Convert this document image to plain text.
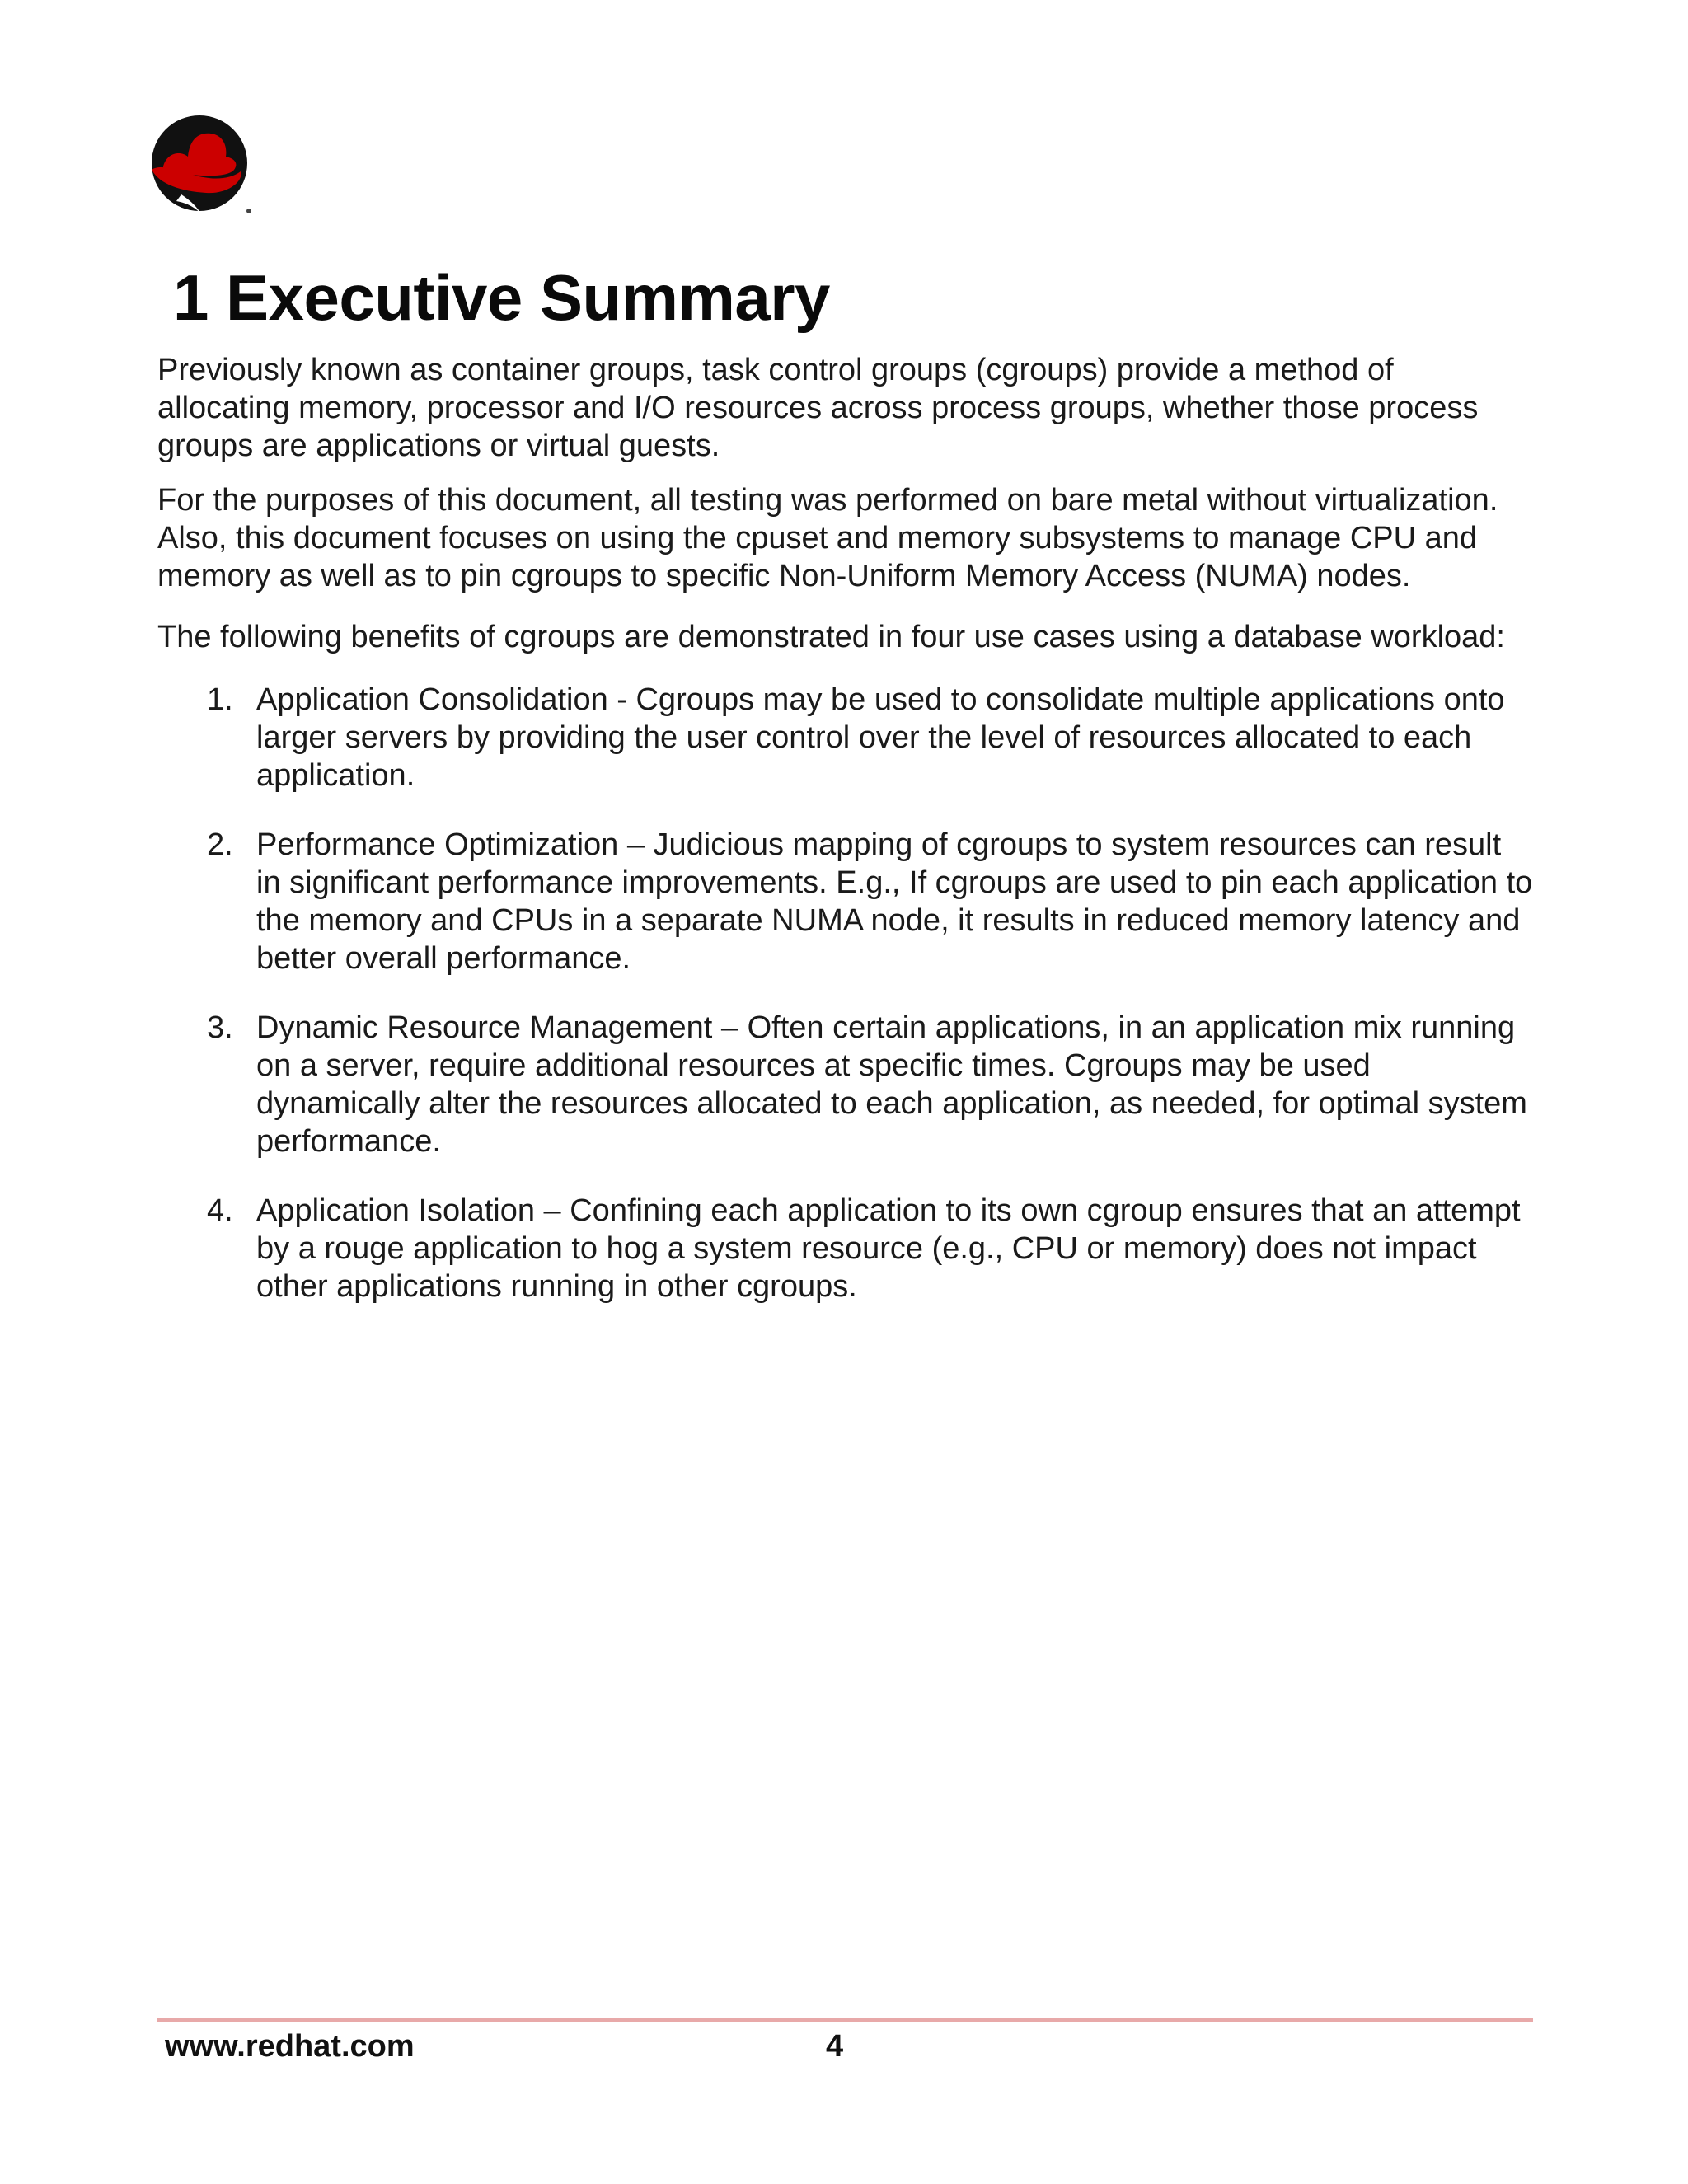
1 Executive Summary

Previously known as container groups, task control groups (cgroups) provide a method of allocating memory, processor and I/O resources across process groups, whether those process groups are applications or virtual guests.

For the purposes of this document, all testing was performed on bare metal without virtualization. Also, this document focuses on using the cpuset and memory subsystems to manage CPU and memory as well as to pin cgroups to specific Non-Uniform Memory Access (NUMA) nodes.

The following benefits of cgroups are demonstrated in four use cases using a database workload:

1. Application Consolidation - Cgroups may be used to consolidate multiple applications onto larger servers by providing the user control over the level of resources allocated to each application.
2. Performance Optimization – Judicious mapping of cgroups to system resources can result in significant performance improvements. E.g., If cgroups are used to pin each application to the memory and CPUs in a separate NUMA node, it results in reduced memory latency and better overall performance.
3. Dynamic Resource Management – Often certain applications, in an application mix running on a server, require additional resources at specific times. Cgroups may be used dynamically alter the resources allocated to each application, as needed, for optimal system performance.
4. Application Isolation – Confining each application to its own cgroup ensures that an attempt by a rouge application to hog a system resource (e.g., CPU or memory) does not impact other applications running in other cgroups.
www.redhat.com	4
